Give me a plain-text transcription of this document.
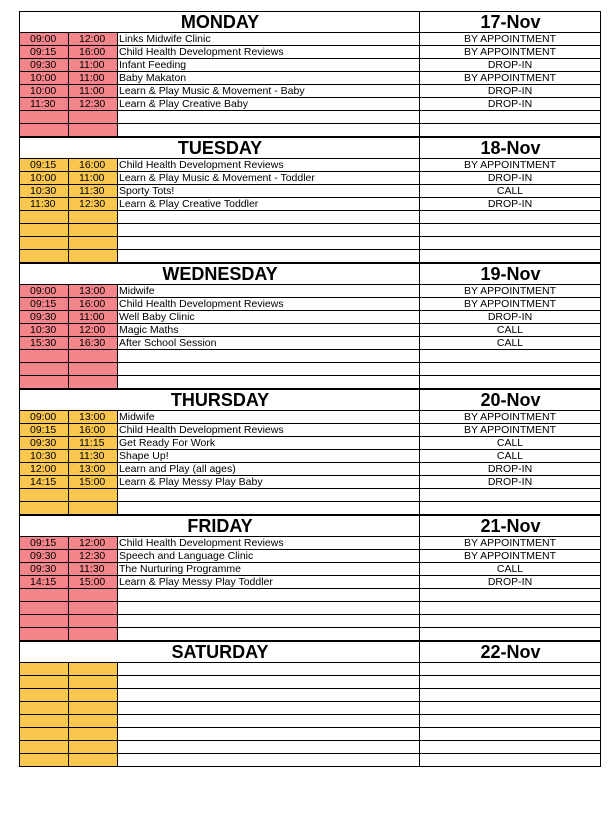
MONDAY			17-Nov
09:00	12:00	Links Midwife Clinic	BY APPOINTMENT
09:15	16:00	Child Health Development Reviews	BY APPOINTMENT
09:30	11:00	Infant Feeding	DROP-IN
10:00	11:00	Baby Makaton	BY APPOINTMENT
10:00	11:00	Learn & Play Music & Movement - Baby	DROP-IN
11:30	12:30	Learn & Play Creative Baby	DROP-IN

TUESDAY			18-Nov
09:15	16:00	Child Health Development Reviews	BY APPOINTMENT
10:00	11:00	Learn & Play Music & Movement - Toddler	DROP-IN
10:30	11:30	Sporty Tots!	CALL
11:30	12:30	Learn & Play Creative Toddler	DROP-IN

WEDNESDAY			19-Nov
09:00	13:00	Midwife	BY APPOINTMENT
09:15	16:00	Child Health Development Reviews	BY APPOINTMENT
09:30	11:00	Well Baby Clinic	DROP-IN
10:30	12:00	Magic Maths	CALL
15:30	16:30	After School Session	CALL

THURSDAY			20-Nov
09:00	13:00	Midwife	BY APPOINTMENT
09:15	16:00	Child Health Development Reviews	BY APPOINTMENT
09:30	11:15	Get Ready For Work	CALL
10:30	11:30	Shape Up!	CALL
12:00	13:00	Learn and Play (all ages)	DROP-IN
14:15	15:00	Learn & Play Messy Play Baby	DROP-IN

FRIDAY			21-Nov
09:15	12:00	Child Health Development Reviews	BY APPOINTMENT
09:30	12:30	Speech and Language Clinic	BY APPOINTMENT
09:30	11:30	The Nurturing Programme	CALL
14:15	15:00	Learn & Play Messy Play Toddler	DROP-IN

SATURDAY			22-Nov
